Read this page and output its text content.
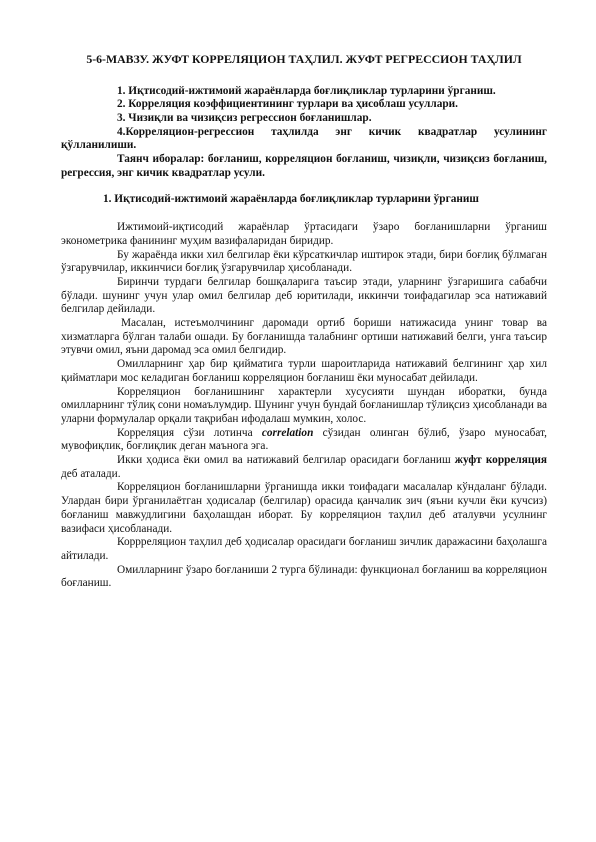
5-6-МАВЗУ. ЖУФТ КОРРЕЛЯЦИОН ТАҲЛИЛ. ЖУФТ РЕГРЕССИОН ТАҲЛИЛ

1. Иқтисодий-ижтимоий жараёнларда боғлиқликлар турларини ўрганиш.

2. Корреляция коэффициентининг турлари ва ҳисоблаш усуллари.

3. Чизиқли ва чизиқсиз регрессион боғланишлар.

4.Корреляцион-регрессион таҳлилда энг кичик квадратлар усулининг қўлланилиши.

Таянч иборалар: боғланиш, корреляцион боғланиш, чизиқли, чизиқсиз боғланиш, регрессия, энг кичик квадратлар усули.

1. Иқтисодий-ижтимоий жараёнларда боғлиқликлар турларини ўрганиш

Ижтимоий-иқтисодий жараёнлар ўртасидаги ўзаро боғланишларни ўрганиш эконометрика фанининг муҳим вазифаларидан биридир.

Бу жараёнда икки хил белгилар ёки кўрсаткичлар иштирок этади, бири боғлиқ бўлмаган ўзгарувчилар, иккинчиси боғлиқ ўзгарувчилар ҳисобланади.

Биринчи турдаги белгилар бошқаларига таъсир этади, уларнинг ўзгаришига сабабчи бўлади. шунинг учун улар омил белгилар деб юритилади, иккинчи тоифадагилар эса натижавий белгилар дейилади.

Масалан, истеъмолчининг даромади ортиб бориши натижасида унинг товар ва хизматларга бўлган талаби ошади. Бу боғланишда талабнинг ортиши натижавий белги, унга таъсир этувчи омил, яъни даромад эса омил белгидир.

Омилларнинг ҳар бир қийматига турли шароитларида натижавий белгининг ҳар хил қийматлари мос келадиган боғланиш корреляцион боғланиш ёки муносабат дейилади.

Корреляцион боғланишнинг характерли хусусияти шундан иборатки, бунда омилларнинг тўлиқ сони номаълумдир. Шунинг учун бундай боғланишлар тўлиқсиз ҳисобланади ва уларни формулалар орқали тақрибан ифодалаш мумкин, холос.

Корреляция сўзи лотинча correlation сўзидан олинган бўлиб, ўзаро муносабат, мувофиқлик, боғлиқлик деган маънога эга.

Икки ҳодиса ёки омил ва натижавий белгилар орасидаги боғланиш жуфт корреляция деб аталади.

Корреляцион боғланишларни ўрганишда икки тоифадаги масалалар кўндаланг бўлади. Улардан бири ўрганилаётган ҳодисалар (белгилар) орасида қанчалик зич (яъни кучли ёки кучсиз) боғланиш мавжудлигини баҳолашдан иборат. Бу корреляцион таҳлил деб аталувчи усулнинг вазифаси ҳисобланади.

Коррреляцион таҳлил деб ҳодисалар орасидаги боғланиш зичлик даражасини баҳолашга айтилади.

Омилларнинг ўзаро боғланиши 2 турга бўлинади: функционал боғланиш ва корреляцион боғланиш.
